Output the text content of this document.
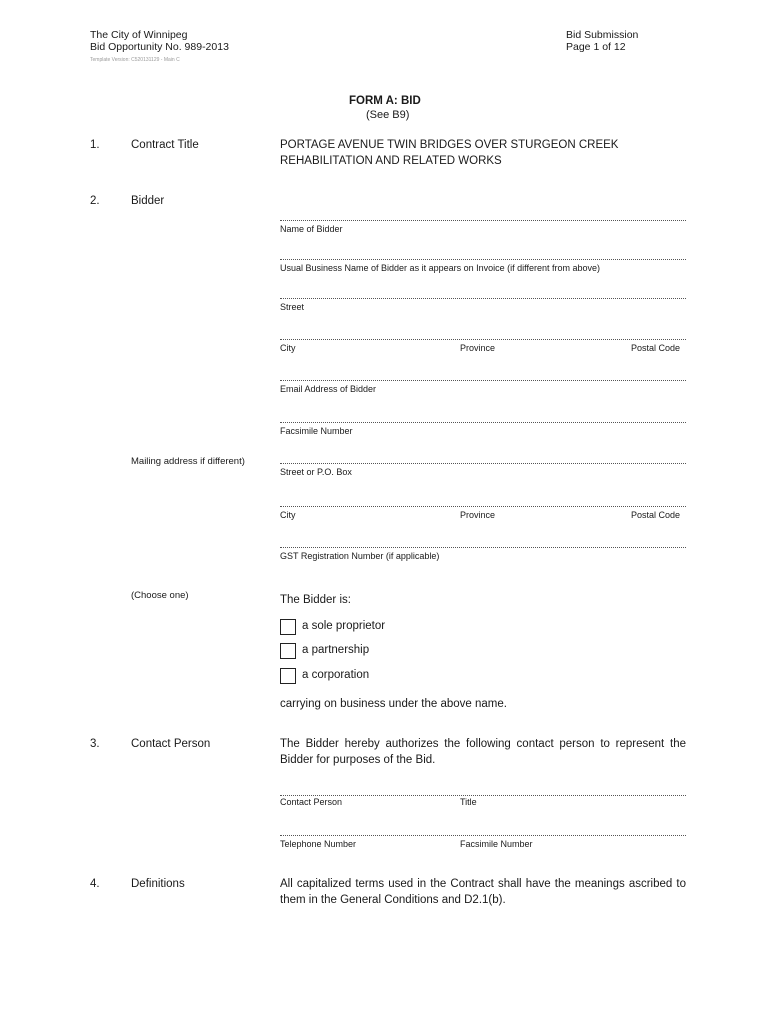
The City of Winnipeg
Bid Opportunity No. 989-2013
Template Version: C520131129 - Main C
Bid Submission
Page 1 of 12
FORM A: BID
(See B9)
1.	Contract Title	PORTAGE AVENUE TWIN BRIDGES OVER STURGEON CREEK
REHABILITATION AND RELATED WORKS
2.	Bidder
Name of Bidder
Usual Business Name of Bidder as it appears on Invoice (if different from above)
Street
City	Province	Postal Code
Email Address of Bidder
Facsimile Number
Mailing address if different)
Street or P.O. Box
City	Province	Postal Code
GST Registration Number (if applicable)
(Choose one)	The Bidder is:
a sole proprietor
a partnership
a corporation
carrying on business under the above name.
3.	Contact Person	The Bidder hereby authorizes the following contact person to represent the Bidder for purposes of the Bid.
Contact Person	Title
Telephone Number	Facsimile Number
4.	Definitions	All capitalized terms used in the Contract shall have the meanings ascribed to them in the General Conditions and D2.1(b).
